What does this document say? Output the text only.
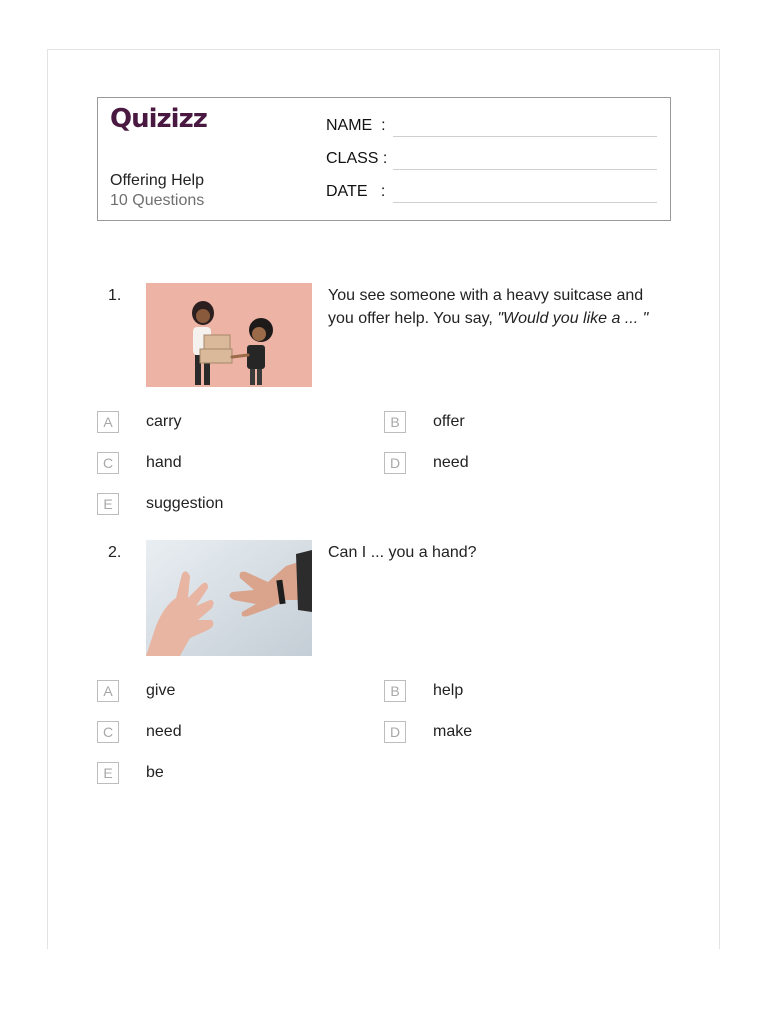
Quizizz
Offering Help
10 Questions
NAME  :
CLASS :
DATE   :
1.	You see someone with a heavy suitcase and you offer help. You say, "Would you like a ... "
A	carry	B	offer
C	hand	D	need
E	suggestion
2.	Can I ... you a hand?
A	give	B	help
C	need	D	make
E	be
